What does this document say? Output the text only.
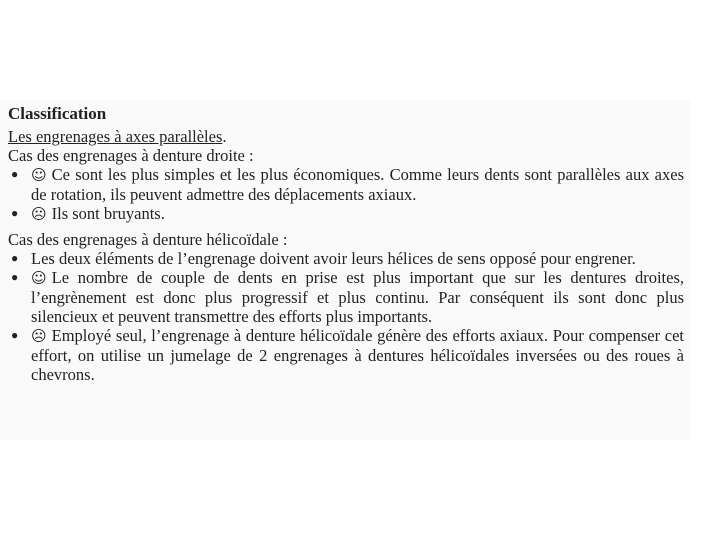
Classification
Les engrenages à axes parallèles.
Cas des engrenages à denture droite :
● ☺ Ce sont les plus simples et les plus économiques. Comme leurs dents sont parallèles aux axes de rotation, ils peuvent admettre des déplacements axiaux.
● ☹ Ils sont bruyants.
Cas des engrenages à denture hélicoïdale :
● Les deux éléments de l’engrenage doivent avoir leurs hélices de sens opposé pour engrener.
● ☺ Le nombre de couple de dents en prise est plus important que sur les dentures droites, l’engrènement est donc plus progressif et plus continu. Par conséquent ils sont donc plus silencieux et peuvent transmettre des efforts plus importants.
● ☹ Employé seul, l’engrenage à denture hélicoïdale génère des efforts axiaux. Pour compenser cet effort, on utilise un jumelage de 2 engrenages à dentures hélicoïdales inversées ou des roues à chevrons.
